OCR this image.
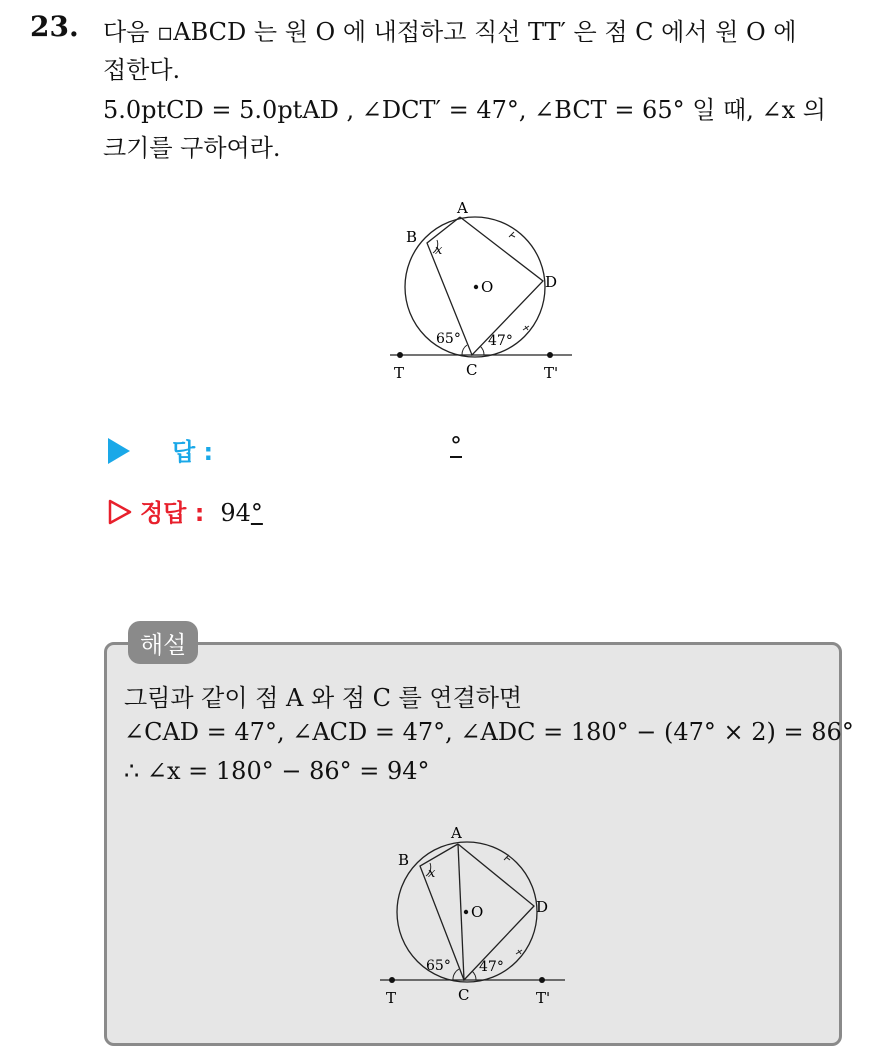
23. 다음 ▫ABCD 는 원 O 에 내접하고 직선 TT′ 은 점 C 에서 원 O 에
접한다.
5.0ptCD = 5.0ptAD , ∠DCT′ = 47°, ∠BCT = 65° 일 때, ∠x 의
크기를 구하여라.
A
B
D
O
C
T	T'
x
65° 47°
답 :	°
정답 : 94°
해설
그림과 같이 점 A 와 점 C 를 연결하면
∠CAD = 47°, ∠ACD = 47°, ∠ADC = 180° − (47° × 2) = 86°
∴ ∠x = 180° − 86° = 94°
A
B
D
O
C
T	T'
x
65° 47°
